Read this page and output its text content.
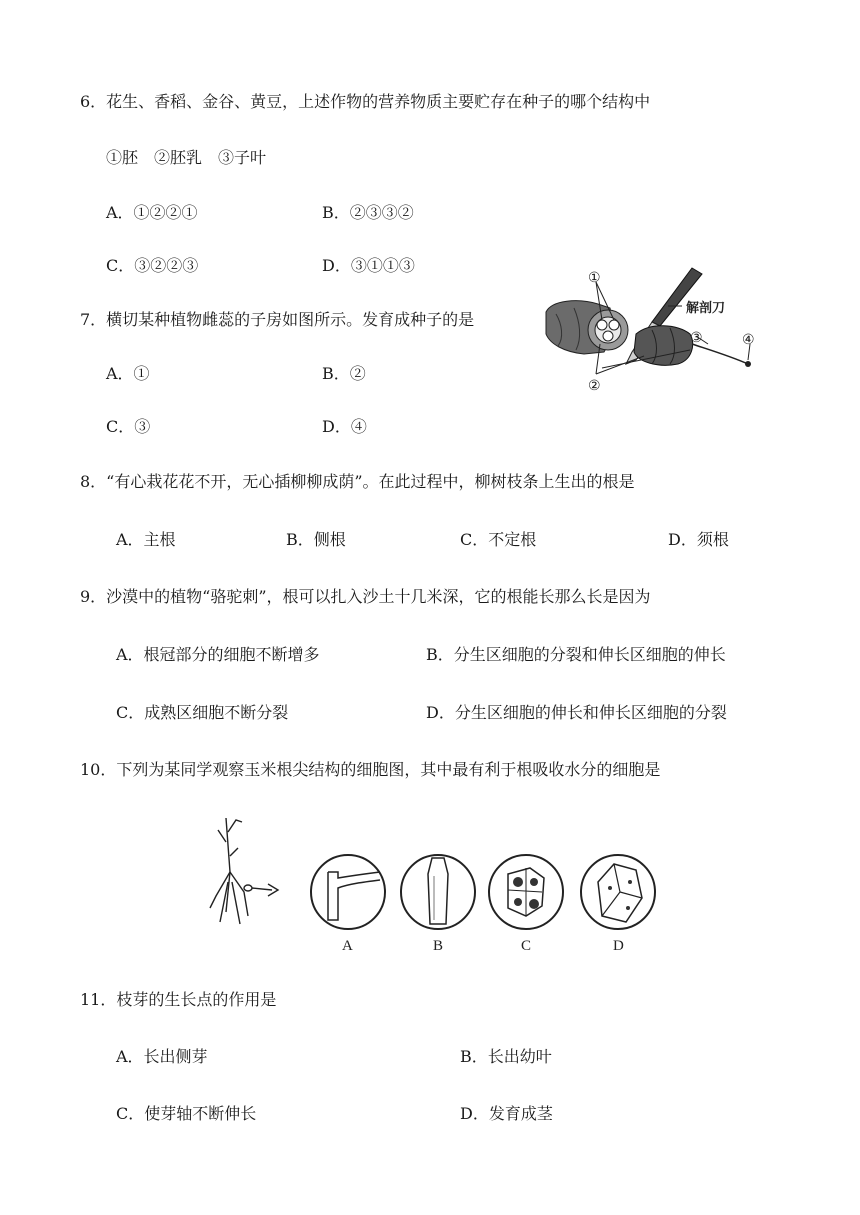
6．花生、香稻、金谷、黄豆，上述作物的营养物质主要贮存在种子的哪个结构中
①胚　②胚乳　③子叶
A．①②②①	B．②③③②
C．③②②③	D．③①①③
7．横切某种植物雌蕊的子房如图所示。发育成种子的是
A．①	B．②
C．③	D．④
①
②
③	④
解剖刀
8．“有心栽花花不开，无心插柳柳成荫”。在此过程中，柳树枝条上生出的根是
A．主根	B．侧根	C．不定根	D．须根
9．沙漠中的植物“骆驼刺”，根可以扎入沙土十几米深，它的根能长那么长是因为
A．根冠部分的细胞不断增多	B．分生区细胞的分裂和伸长区细胞的伸长
C．成熟区细胞不断分裂	D．分生区细胞的伸长和伸长区细胞的分裂
10．下列为某同学观察玉米根尖结构的细胞图，其中最有利于根吸收水分的细胞是
A	B	C	D
11．枝芽的生长点的作用是
A．长出侧芽	B．长出幼叶
C．使芽轴不断伸长	D．发育成茎
